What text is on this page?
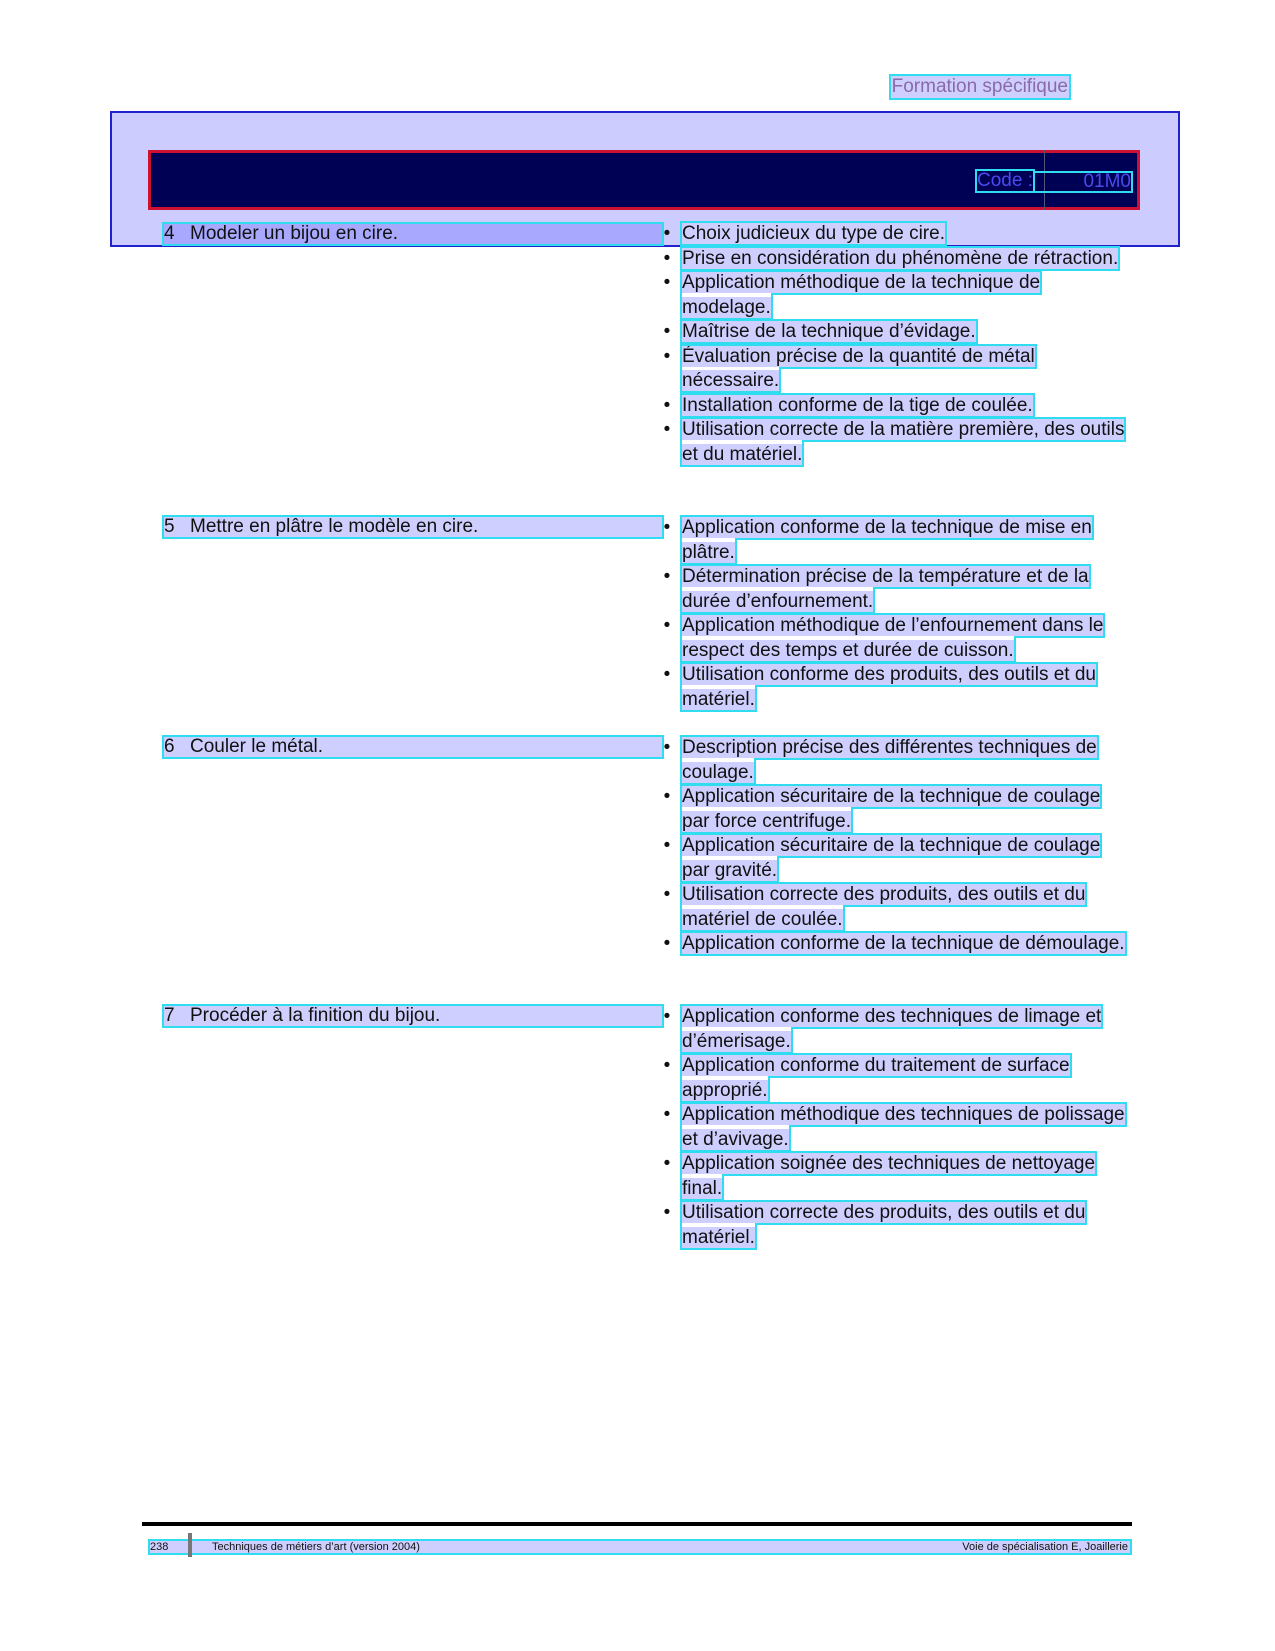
Formation spécifique
Code :	01M0
4 Modeler un bijou en cire.	• Choix judicieux du type de cire.
• Prise en considération du phénomène de rétraction.
• Application méthodique de la technique de modelage.
• Maîtrise de la technique d’évidage.
• Évaluation précise de la quantité de métal nécessaire.
• Installation conforme de la tige de coulée.
• Utilisation correcte de la matière première, des outils et du matériel.
5 Mettre en plâtre le modèle en cire.	• Application conforme de la technique de mise en plâtre.
• Détermination précise de la température et de la durée d’enfournement.
• Application méthodique de l’enfournement dans le respect des temps et durée de cuisson.
• Utilisation conforme des produits, des outils et du matériel.
6 Couler le métal.	• Description précise des différentes techniques de coulage.
• Application sécuritaire de la technique de coulage par force centrifuge.
• Application sécuritaire de la technique de coulage par gravité.
• Utilisation correcte des produits, des outils et du matériel de coulée.
• Application conforme de la technique de démoulage.
7 Procéder à la finition du bijou.	• Application conforme des techniques de limage et d’émerisage.
• Application conforme du traitement de surface approprié.
• Application méthodique des techniques de polissage et d’avivage.
• Application soignée des techniques de nettoyage final.
• Utilisation correcte des produits, des outils et du matériel.
238	Techniques de métiers d’art (version 2004)	Voie de spécialisation E, Joaillerie
